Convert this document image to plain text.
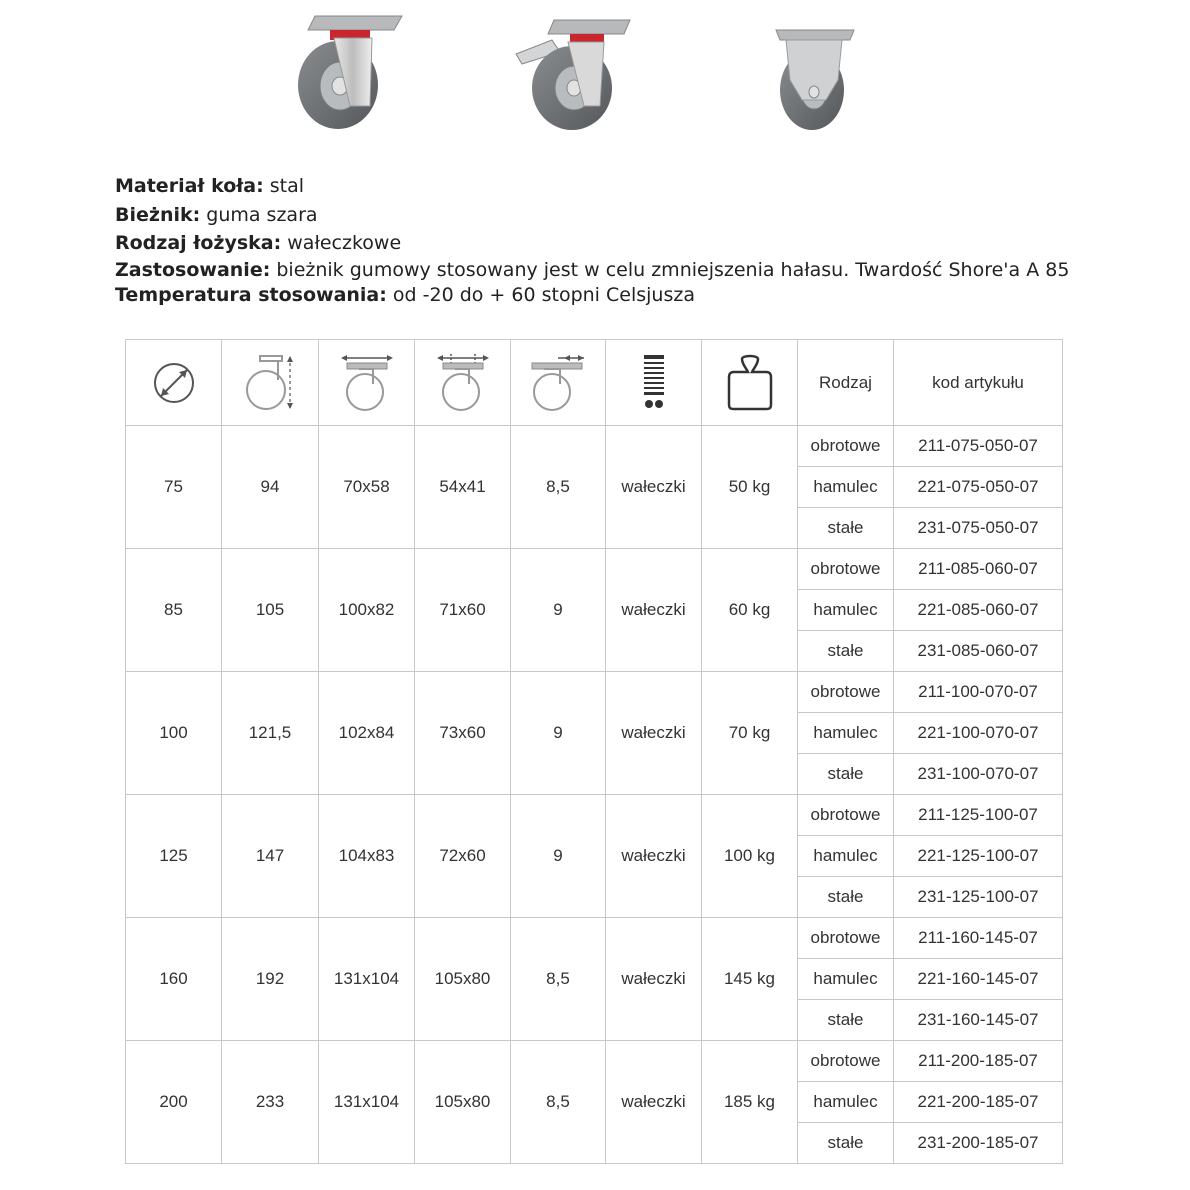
Materiał koła: stal
Bieżnik: guma szara
Rodzaj łożyska: wałeczkowe
Zastosowanie: bieżnik gumowy stosowany jest w celu zmniejszenia hałasu. Twardość Shore'a A 85
Temperatura stosowania: od -20 do + 60 stopni Celsjusza

	Rodzaj	kod artykułu
75	94	70x58	54x41	8,5	wałeczki	50 kg	obrotowe	211-075-050-07
							hamulec	221-075-050-07
							stałe	231-075-050-07
85	105	100x82	71x60	9	wałeczki	60 kg	obrotowe	211-085-060-07
							hamulec	221-085-060-07
							stałe	231-085-060-07
100	121,5	102x84	73x60	9	wałeczki	70 kg	obrotowe	211-100-070-07
							hamulec	221-100-070-07
							stałe	231-100-070-07
125	147	104x83	72x60	9	wałeczki	100 kg	obrotowe	211-125-100-07
							hamulec	221-125-100-07
							stałe	231-125-100-07
160	192	131x104	105x80	8,5	wałeczki	145 kg	obrotowe	211-160-145-07
							hamulec	221-160-145-07
							stałe	231-160-145-07
200	233	131x104	105x80	8,5	wałeczki	185 kg	obrotowe	211-200-185-07
							hamulec	221-200-185-07
							stałe	231-200-185-07
